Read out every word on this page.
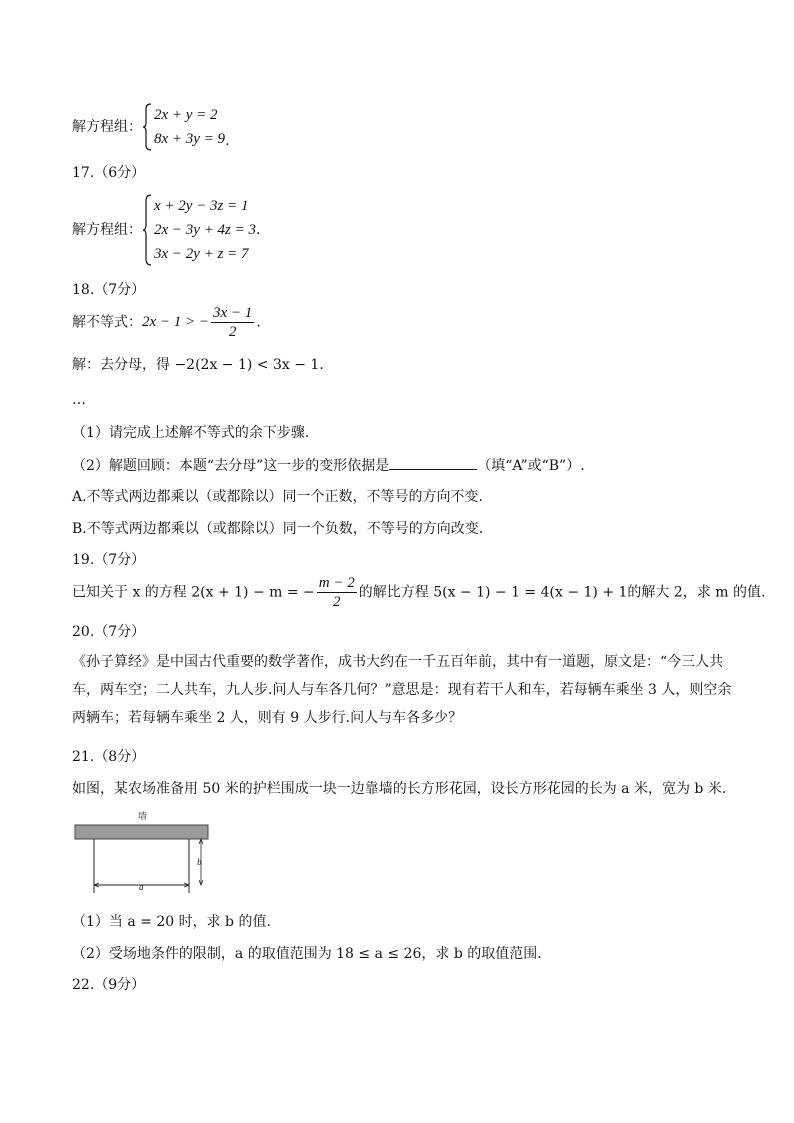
解方程组：
2x + y = 2
8x + 3y = 9 .
17.（6分）
解方程组：
x + 2y − 3z = 1
2x − 3y + 4z = 3
3x − 2y + z = 7
.
18.（7分）
解不等式：2x − 1 > − $\frac{3x - 1}{2}$ .
解：去分母，得 −2(2x − 1) < 3x − 1.
…
（1）请完成上述解不等式的余下步骤.
（2）解题回顾：本题“去分母”这一步的变形依据是	（填“A”或“B”）.
A.不等式两边都乘以（或都除以）同一个正数，不等号的方向不变.
B.不等式两边都乘以（或都除以）同一个负数，不等号的方向改变.
19.（7分）
已知关于 x 的方程 2(x + 1) − m = − $\frac{m - 2}{2}$ 的解比方程 5(x − 1) − 1 = 4(x − 1) + 1的解大 2，求 m 的值.
20.（7分）
《孙子算经》是中国古代重要的数学著作，成书大约在一千五百年前，其中有一道题，原文是：“今三人共车，两车空；二人共车，九人步.问人与车各几何？”意思是：现有若干人和车，若每辆车乘坐 3 人，则空余两辆车；若每辆车乘坐 2 人，则有 9 人步行.问人与车各多少？
21.（8分）
如图，某农场准备用 50 米的护栏围成一块一边靠墙的长方形花园，设长方形花园的长为 a 米，宽为 b 米.
墙
b
a
（1）当 a = 20 时，求 b 的值.
（2）受场地条件的限制，a 的取值范围为 18 ≤ a ≤ 26，求 b 的取值范围.
22.（9分）
